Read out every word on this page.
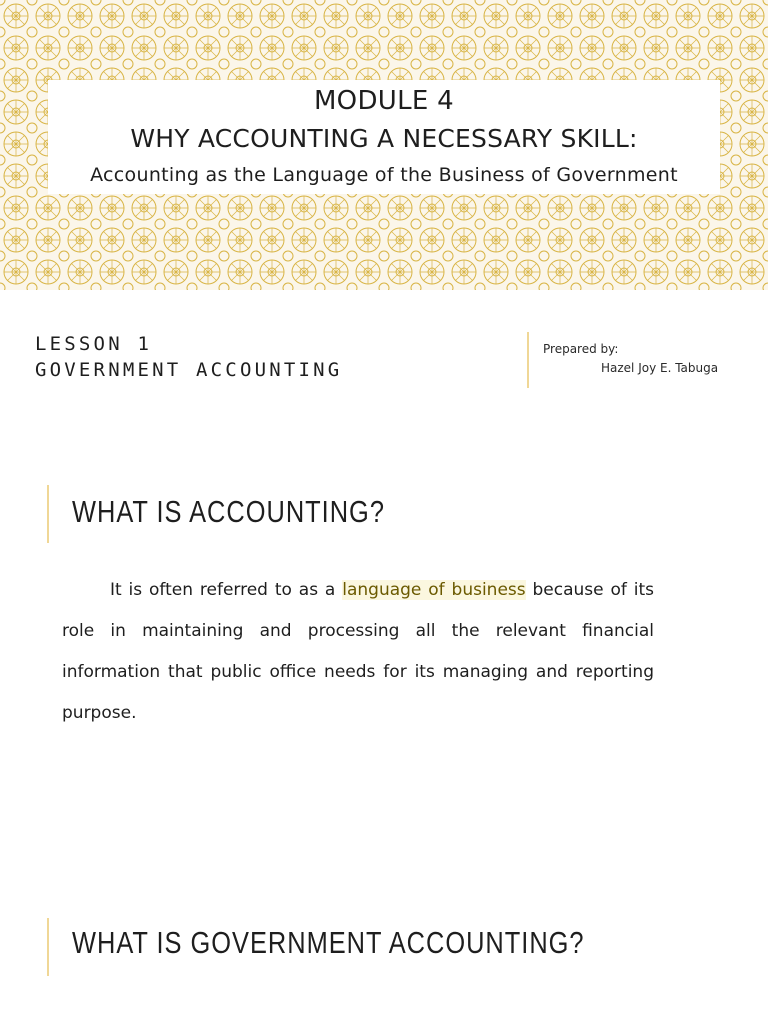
MODULE 4
WHY ACCOUNTING A NECESSARY SKILL:
Accounting as the Language of the Business of Government
LESSON 1
GOVERNMENT ACCOUNTING
Prepared by:
Hazel Joy E. Tabuga
WHAT IS ACCOUNTING?
It is often referred to as a language of business because of its role in maintaining and processing all the relevant financial information that public office needs for its managing and reporting purpose.
WHAT IS GOVERNMENT ACCOUNTING?
